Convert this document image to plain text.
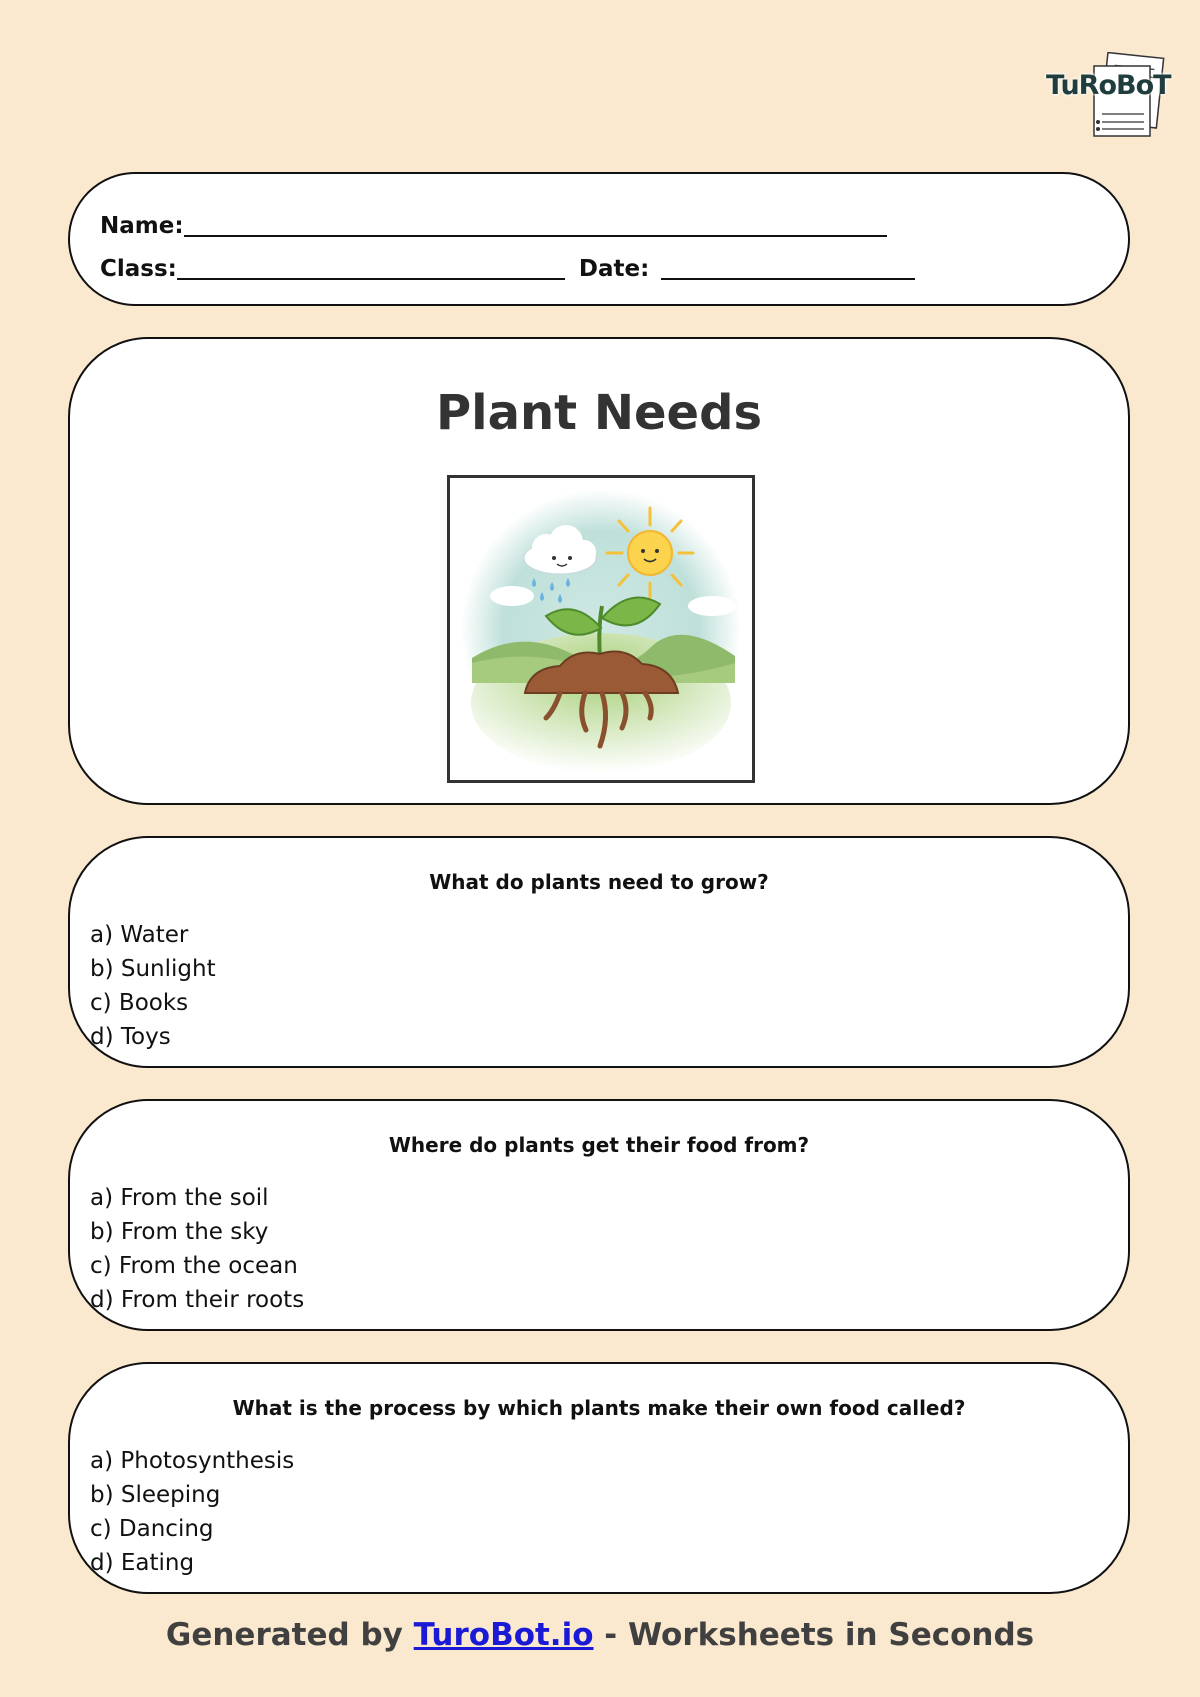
TuRoBoT
Name:
Class:	Date:
Plant Needs
What do plants need to grow?
a) Water
b) Sunlight
c) Books
d) Toys
Where do plants get their food from?
a) From the soil
b) From the sky
c) From the ocean
d) From their roots
What is the process by which plants make their own food called?
a) Photosynthesis
b) Sleeping
c) Dancing
d) Eating
Generated by TuroBot.io - Worksheets in Seconds
